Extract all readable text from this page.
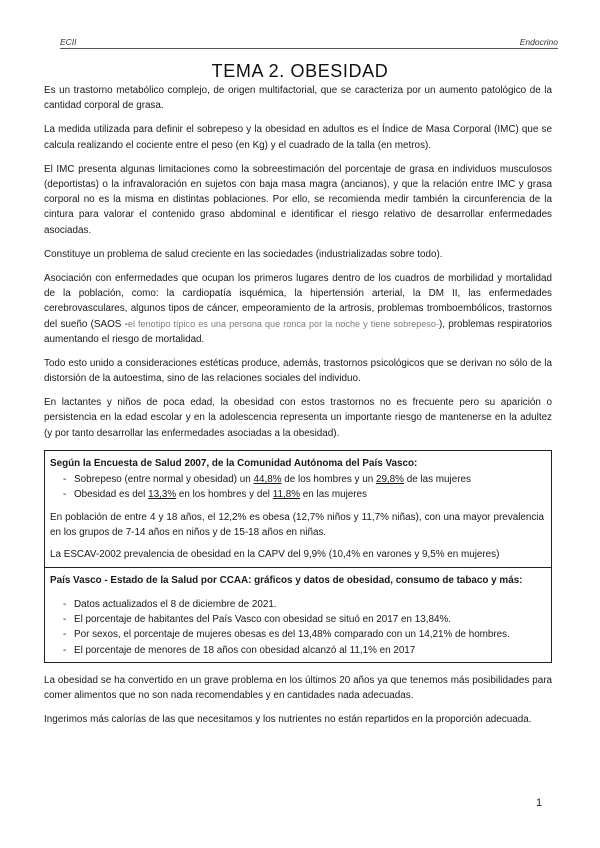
ECII	Endocrino
TEMA 2. OBESIDAD

Es un trastorno metabólico complejo, de origen multifactorial, que se caracteriza por un aumento patológico de la cantidad corporal de grasa.

La medida utilizada para definir el sobrepeso y la obesidad en adultos es el Índice de Masa Corporal (IMC) que se calcula realizando el cociente entre el peso (en Kg) y el cuadrado de la talla (en metros).

El IMC presenta algunas limitaciones como la sobreestimación del porcentaje de grasa en individuos musculosos (deportistas) o la infravaloración en sujetos con baja masa magra (ancianos), y que la relación entre IMC y grasa corporal no es la misma en distintas poblaciones. Por ello, se recomienda medir también la circunferencia de la cintura para valorar el contenido graso abdominal e identificar el riesgo relativo de desarrollar enfermedades asociadas.

Constituye un problema de salud creciente en las sociedades (industrializadas sobre todo).

Asociación con enfermedades que ocupan los primeros lugares dentro de los cuadros de morbilidad y mortalidad de la población, como: la cardiopatía isquémica, la hipertensión arterial, la DM II, las enfermedades cerebrovasculares, algunos tipos de cáncer, empeoramiento de la artrosis, problemas tromboembólicos, trastornos del sueño (SAOS -el fenotipo típico es una persona que ronca por la noche y tiene sobrepeso-), problemas respiratorios aumentando el riesgo de mortalidad.

Todo esto unido a consideraciones estéticas produce, además, trastornos psicológicos que se derivan no sólo de la distorsión de la autoestima, sino de las relaciones sociales del individuo.

En lactantes y niños de poca edad, la obesidad con estos trastornos no es frecuente pero su aparición o persistencia en la edad escolar y en la adolescencia representa un importante riesgo de mantenerse en la adultez (y por tanto desarrollar las enfermedades asociadas a la obesidad).

Según la Encuesta de Salud 2007, de la Comunidad Autónoma del País Vasco:
- Sobrepeso (entre normal y obesidad) un 44,8% de los hombres y un 29,8% de las mujeres
- Obesidad es del 13,3% en los hombres y del 11,8% en las mujeres

En población de entre 4 y 18 años, el 12,2% es obesa (12,7% niños y 11,7% niñas), con una mayor prevalencia en los grupos de 7-14 años en niños y de 15-18 años en niñas.

La ESCAV-2002 prevalencia de obesidad en la CAPV del 9,9% (10,4% en varones y 9,5% en mujeres)

País Vasco - Estado de la Salud por CCAA: gráficos y datos de obesidad, consumo de tabaco y más:
- Datos actualizados el 8 de diciembre de 2021.
- El porcentaje de habitantes del País Vasco con obesidad se situó en 2017 en 13,84%.
- Por sexos, el porcentaje de mujeres obesas es del 13,48% comparado con un 14,21% de hombres.
- El porcentaje de menores de 18 años con obesidad alcanzó al 11,1% en 2017

La obesidad se ha convertido en un grave problema en los últimos 20 años ya que tenemos más posibilidades para comer alimentos que no son nada recomendables y en cantidades nada adecuadas.

Ingerimos más calorías de las que necesitamos y los nutrientes no están repartidos en la proporción adecuada.

1
